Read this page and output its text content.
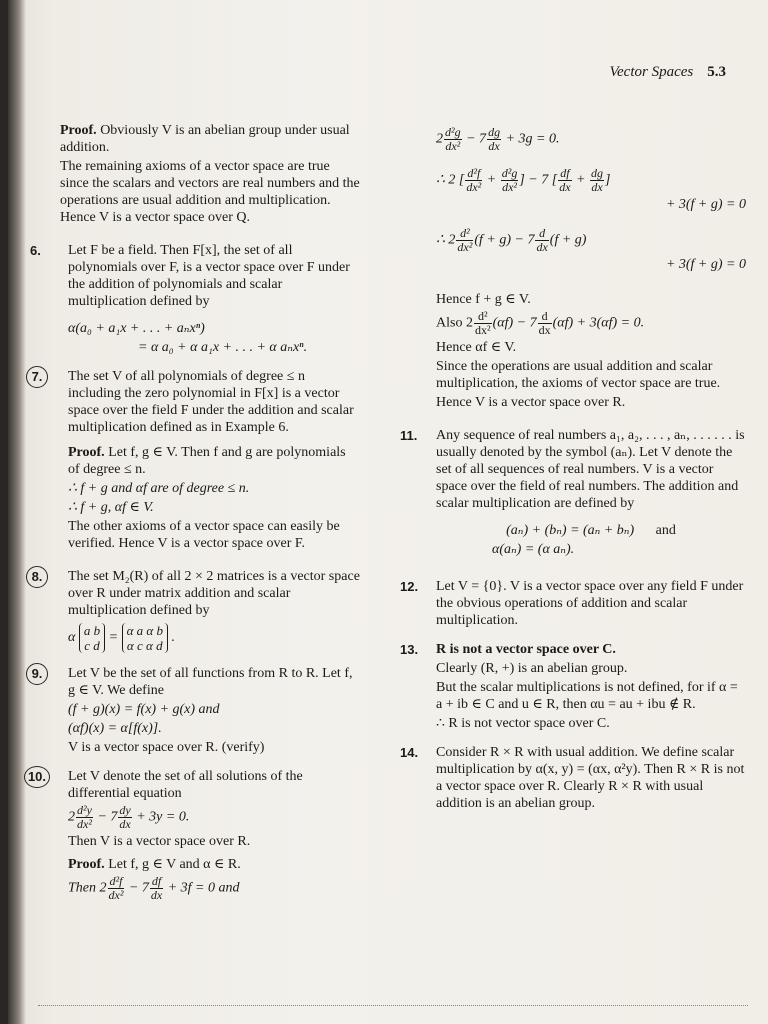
Vector Spaces 5.3

Proof. Obviously V is an abelian group under usual addition.

The remaining axioms of a vector space are true since the scalars and vectors are real numbers and the operations are usual addition and multiplication. Hence V is a vector space over Q.

6. Let F be a field. Then F[x], the set of all polynomials over F, is a vector space over F under the addition of polynomials and scalar multiplication defined by

α(a₀ + a₁x + . . . + aₙxⁿ)

= α a₀ + α a₁x + . . . + α aₙxⁿ.

7.	The set V of all polynomials of degree ≤ n including the zero polynomial in F[x] is a vector space over the field F under the addition and scalar multiplication defined as in Example 6.

Proof. Let f, g ∈ V. Then f and g are polynomials of degree ≤ n.

∴ f + g and αf are of degree ≤ n.

∴ f + g, αf ∈ V.

The other axioms of a vector space can easily be verified. Hence V is a vector space over F.

8.	The set M₂(R) of all 2 × 2 matrices is a vector space over R under matrix addition and scalar multiplication defined by

α a b
c d
= α a α b
α c α d
.
9.	Let V be the set of all functions from R to R. Let f, g ∈ V. We define

(f + g)(x) = f(x) + g(x) and

(αf)(x) = α[f(x)].

V is a vector space over R. (verify)

10. Let V denote the set of all solutions of the differential equation

$2 \frac{\text{d²y}}{\text{dx²}} - 7 \frac{dy}{dx} + 3y = 0$.

Then V is a vector space over R.

Proof. Let f, g ∈ V and α ∈ R.

Then $2 \frac{\text{d²f}}{\text{dx²}} - 7 \frac{df}{dx} + 3f = 0$ and

$2 \frac{\text{d²g}}{\text{dx²}} - 7 \frac{dg}{dx} + 3g = 0$.

∴ 2 [ $\frac{\text{d²f}}{\text{dx²}} + \frac{\text{d²g}}{\text{dx²}}$ ] − 7 [ $\frac{df}{dx} + \frac{dg}{dx}$ ]

+ 3(f + g) = 0

∴ $2 \frac{\text{d²}}{\text{dx²}} (f + g) - 7 \frac{d}{dx} (f + g)$

+ 3(f + g) = 0

Hence f + g ∈ V.

Also $2 \frac{\text{d²}}{\text{dx²}} (\alpha f) - 7 \frac{d}{dx} (\alpha f) + 3(\alpha f) = 0$.

Hence αf ∈ V.

Since the operations are usual addition and scalar multiplication, the axioms of vector space are true.

Hence V is a vector space over R.

11. Any sequence of real numbers a₁, a₂, . . . , aₙ, . . . . . . is usually denoted by the symbol (aₙ). Let V denote the set of all sequences of real numbers. V is a vector space over the field of real numbers. The addition and scalar multiplication are defined by

(aₙ) + (bₙ) = (aₙ + bₙ) and

α(aₙ) = (α aₙ).

12. Let V = {0}. V is a vector space over any field F under the obvious operations of addition and scalar multiplication.

13. R is not a vector space over C.

Clearly (R, +) is an abelian group.

But the scalar multiplications is not defined, for if α = a + ib ∈ C and u ∈ R, then αu = au + ibu ∉ R.

∴ R is not vector space over C.

14. Consider R × R with usual addition. We define scalar multiplication by α(x, y) = (αx, α²y). Then R × R is not a vector space over R. Clearly R × R with usual addition is an abelian group.
